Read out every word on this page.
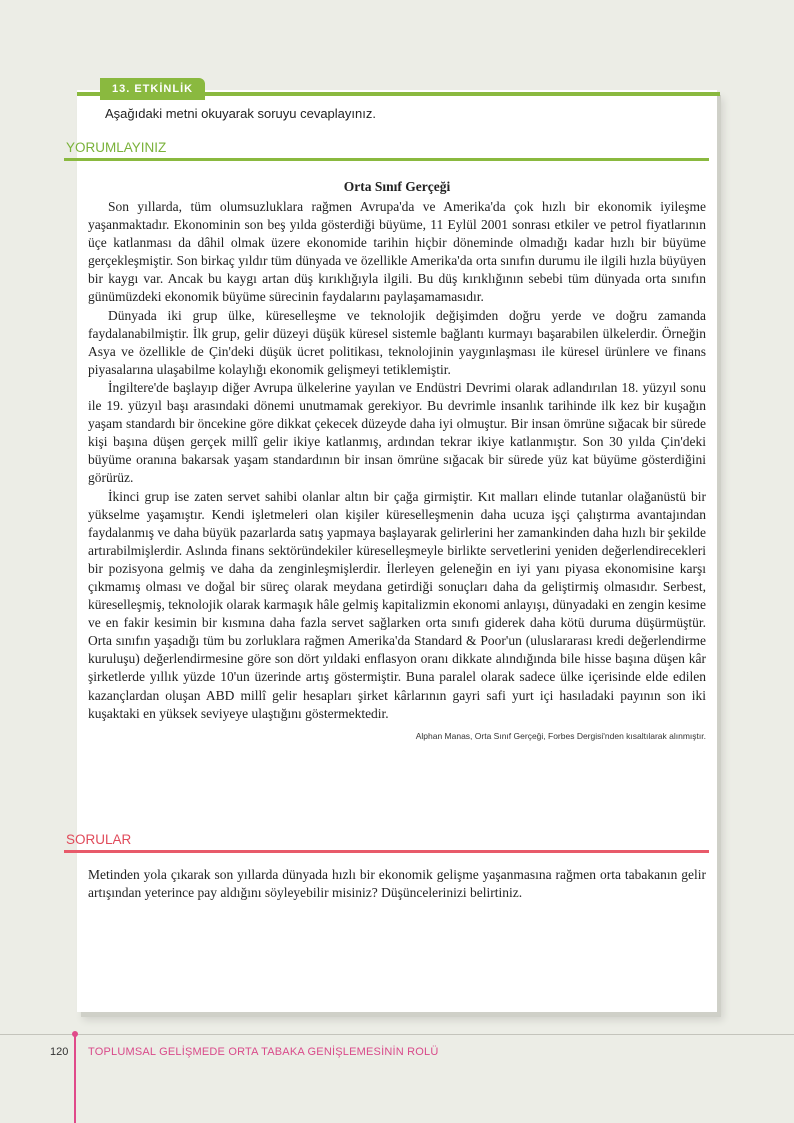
13. ETKİNLİK
Aşağıdaki metni okuyarak soruyu cevaplayınız.
YORUMLAYINIZ
Orta Sınıf Gerçeği

Son yıllarda, tüm olumsuzluklara rağmen Avrupa'da ve Amerika'da çok hızlı bir ekonomik iyileşme yaşanmaktadır. Ekonominin son beş yılda gösterdiği büyüme, 11 Eylül 2001 sonrası etkiler ve petrol fiyatlarının üçe katlanması da dâhil olmak üzere ekonomide tarihin hiçbir döneminde olmadığı kadar hızlı bir büyüme gerçekleşmiştir. Son birkaç yıldır tüm dünyada ve özellikle Amerika'da orta sınıfın durumu ile ilgili hızla büyüyen bir kaygı var. Ancak bu kaygı artan düş kırıklığıyla ilgili. Bu düş kırıklığının sebebi tüm dünyada orta sınıfın günümüzdeki ekonomik büyüme sürecinin faydalarını paylaşamamasıdır.

Dünyada iki grup ülke, küreselleşme ve teknolojik değişimden doğru yerde ve doğru zamanda faydalanabilmiştir. İlk grup, gelir düzeyi düşük küresel sistemle bağlantı kurmayı başarabilen ülkelerdir. Örneğin Asya ve özellikle de Çin'deki düşük ücret politikası, teknolojinin yaygınlaşması ile küresel ürünlere ve finans piyasalarına ulaşabilme kolaylığı ekonomik gelişmeyi tetiklemiştir.

İngiltere'de başlayıp diğer Avrupa ülkelerine yayılan ve Endüstri Devrimi olarak adlandırılan 18. yüzyıl sonu ile 19. yüzyıl başı arasındaki dönemi unutmamak gerekiyor. Bu devrimle insanlık tarihinde ilk kez bir kuşağın yaşam standardı bir öncekine göre dikkat çekecek düzeyde daha iyi olmuştur. Bir insan ömrüne sığacak bir sürede kişi başına düşen gerçek millî gelir ikiye katlanmış, ardından tekrar ikiye katlanmıştır. Son 30 yılda Çin'deki büyüme oranına bakarsak yaşam standardının bir insan ömrüne sığacak bir sürede yüz kat büyüme gösterdiğini görürüz.

İkinci grup ise zaten servet sahibi olanlar altın bir çağa girmiştir. Kıt malları elinde tutanlar olağanüstü bir yükselme yaşamıştır. Kendi işletmeleri olan kişiler küreselleşmenin daha ucuza işçi çalıştırma avantajından faydalanmış ve daha büyük pazarlarda satış yapmaya başlayarak gelirlerini her zamankinden daha hızlı bir şekilde artırabilmişlerdir. Aslında finans sektöründekiler küreselleşmeyle birlikte servetlerini yeniden değerlendirecekleri bir pozisyona gelmiş ve daha da zenginleşmişlerdir. İlerleyen geleneğin en iyi yanı piyasa ekonomisine karşı çıkmamış olması ve doğal bir süreç olarak meydana getirdiği sonuçları daha da geliştirmiş olmasıdır. Serbest, küreselleşmiş, teknolojik olarak karmaşık hâle gelmiş kapitalizmin ekonomi anlayışı, dünyadaki en zengin kesime ve en fakir kesimin bir kısmına daha fazla servet sağlarken orta sınıfı giderek daha kötü duruma düşürmüştür. Orta sınıfın yaşadığı tüm bu zorluklara rağmen Amerika'da Standard & Poor'un (uluslararası kredi değerlendirme kuruluşu) değerlendirmesine göre son dört yıldaki enflasyon oranı dikkate alındığında bile hisse başına düşen kâr şirketlerde yıllık yüzde 10'un üzerinde artış göstermiştir. Buna paralel olarak sadece ülke içerisinde elde edilen kazançlardan oluşan ABD millî gelir hesapları şirket kârlarının gayri safi yurt içi hasıladaki payının son iki kuşaktaki en yüksek seviyeye ulaştığını göstermektedir.

Alphan Manas, Orta Sınıf Gerçeği, Forbes Dergisi'nden kısaltılarak alınmıştır.
SORULAR
Metinden yola çıkarak son yıllarda dünyada hızlı bir ekonomik gelişme yaşanmasına rağmen orta tabakanın gelir artışından yeterince pay aldığını söyleyebilir misiniz? Düşüncelerinizi belirtiniz.
120 TOPLUMSAL GELİŞMEDE ORTA TABAKA GENİŞLEMESİNİN ROLÜ
